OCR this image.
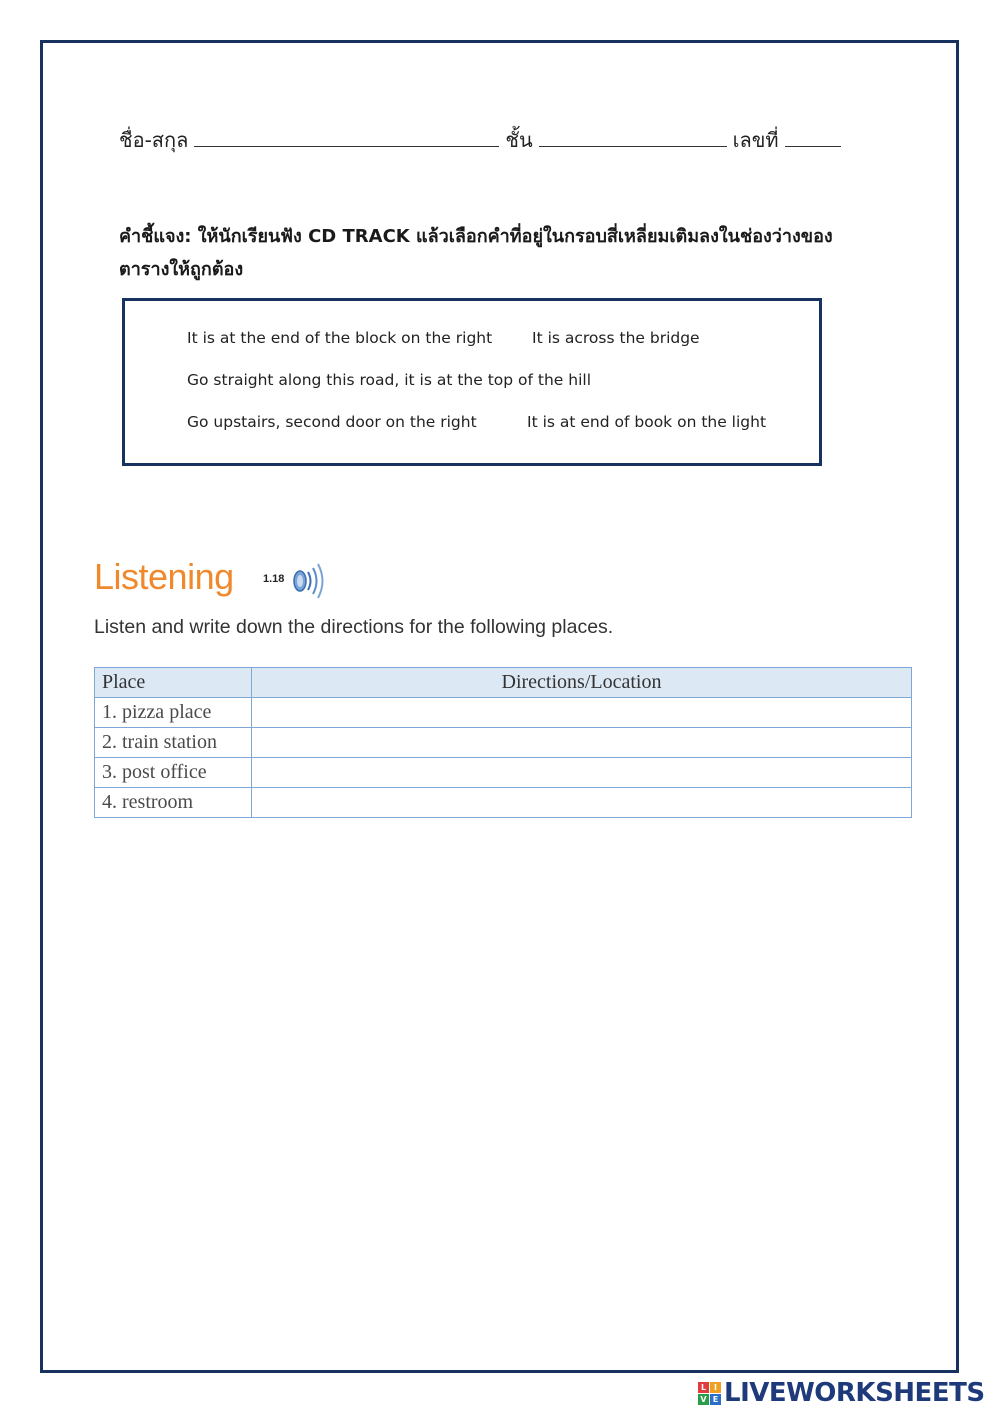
ชื่อ-สกุล	ชั้น	เลขที่
คำชี้แจง: ให้นักเรียนฟัง CD TRACK แล้วเลือกคำที่อยู่ในกรอบสี่เหลี่ยมเติมลงในช่องว่างของตารางให้ถูกต้อง
It is at the end of the block on the right	It is across the bridge
Go straight along this road, it is at the top of the hill
Go upstairs, second door on the right	It is at end of book on the light
Listening	1.18
Listen and write down the directions for the following places.
Place	Directions/Location
1. pizza place	
2. train station	
3. post office	
4. restroom	
L I
V E LIVEWORKSHEETS
